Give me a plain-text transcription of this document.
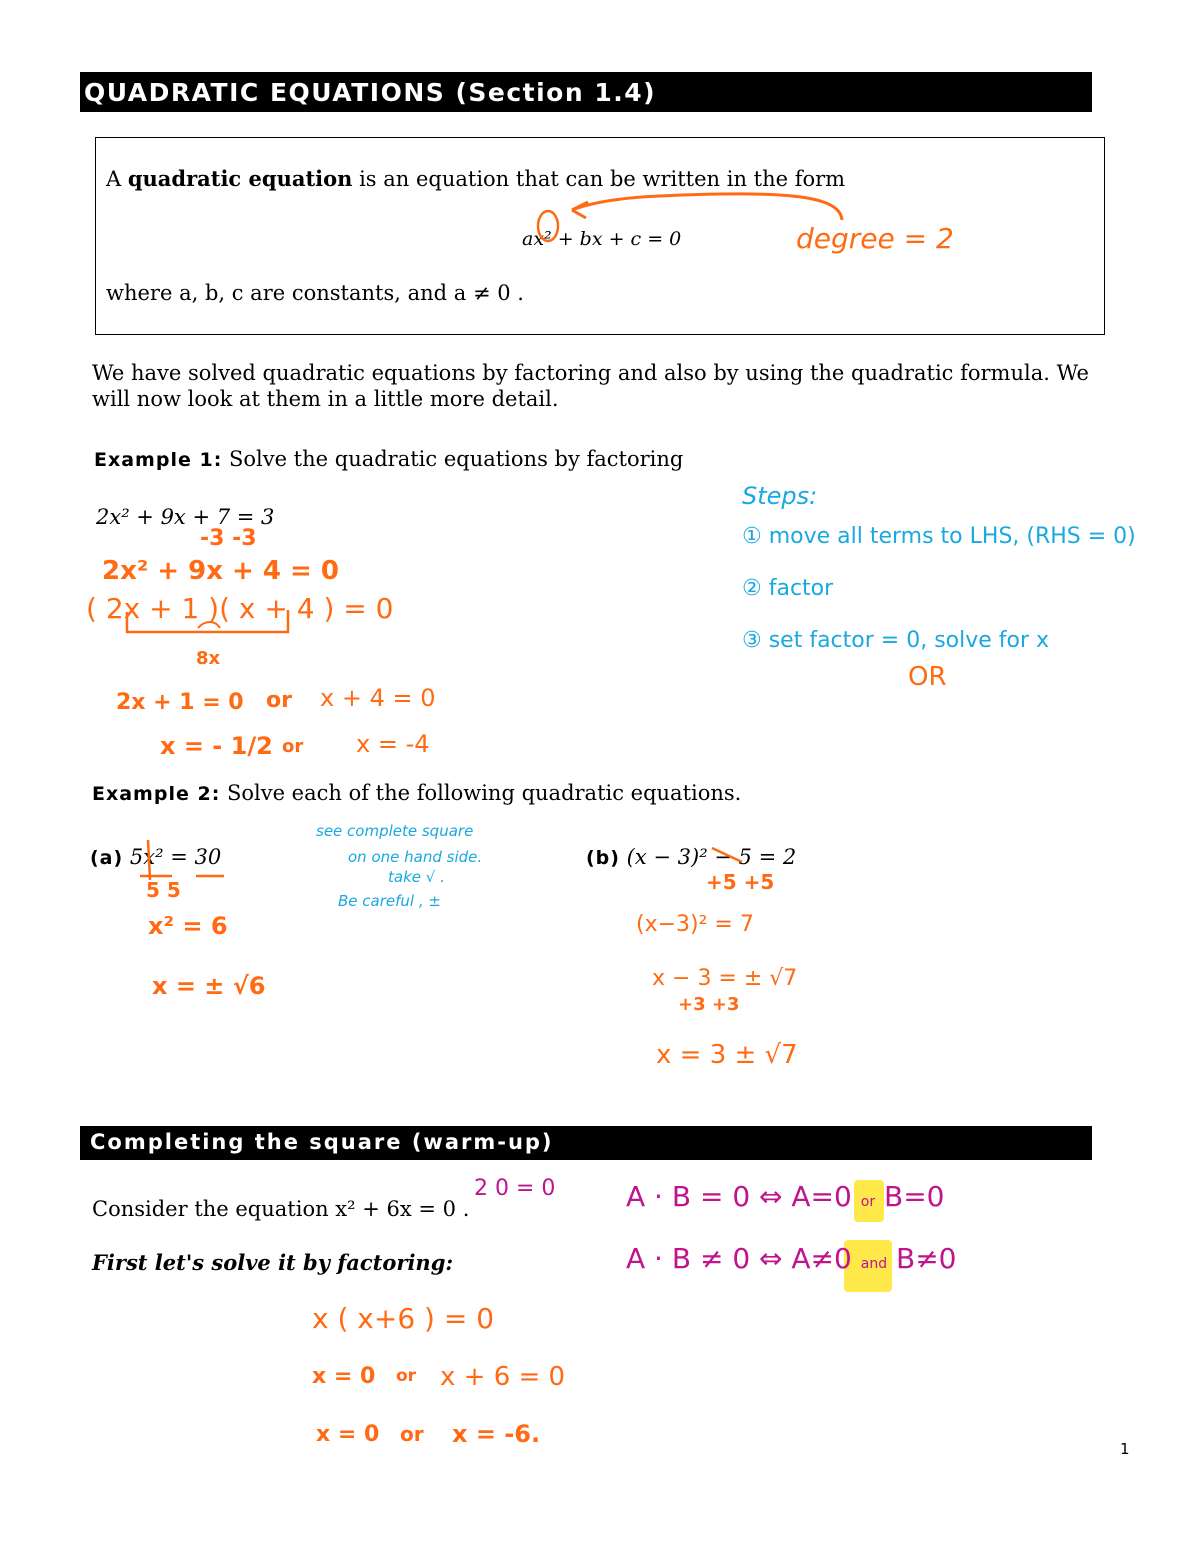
QUADRATIC EQUATIONS (Section 1.4)
A quadratic equation is an equation that can be written in the form
ax² + bx + c = 0
where a, b, c are constants, and a ≠ 0 .
degree = 2
We have solved quadratic equations by factoring and also by using the quadratic formula. We
will now look at them in a little more detail.
Example 1: Solve the quadratic equations by factoring
2x² + 9x + 7 = 3
-3 -3
2x² + 9x + 4 = 0
( 2x + 1 )( x + 4 ) = 0
8x
2x + 1 = 0 or x + 4 = 0
x = - 1/2 or x = -4
Steps:
① move all terms to LHS, (RHS = 0)
② factor
③ set factor = 0, solve for x
OR
Example 2: Solve each of the following quadratic equations.
(a) 5x² = 30
5 5
x² = 6
x = ± √6
see complete square
on one hand side.
take √ .
Be careful , ±
(b) (x − 3)² − 5 = 2
+5 +5
(x−3)² = 7
x − 3 = ± √7
+3 +3
x = 3 ± √7
Completing the square (warm-up)
Consider the equation x² + 6x = 0 .
First let's solve it by factoring:
2 0 = 0	A · B = 0 ⇔ A=0 or B=0
A · B ≠ 0 ⇔ A≠0 and B≠0
x ( x+6 ) = 0
x = 0 or x + 6 = 0
x = 0 or x = -6.
1
